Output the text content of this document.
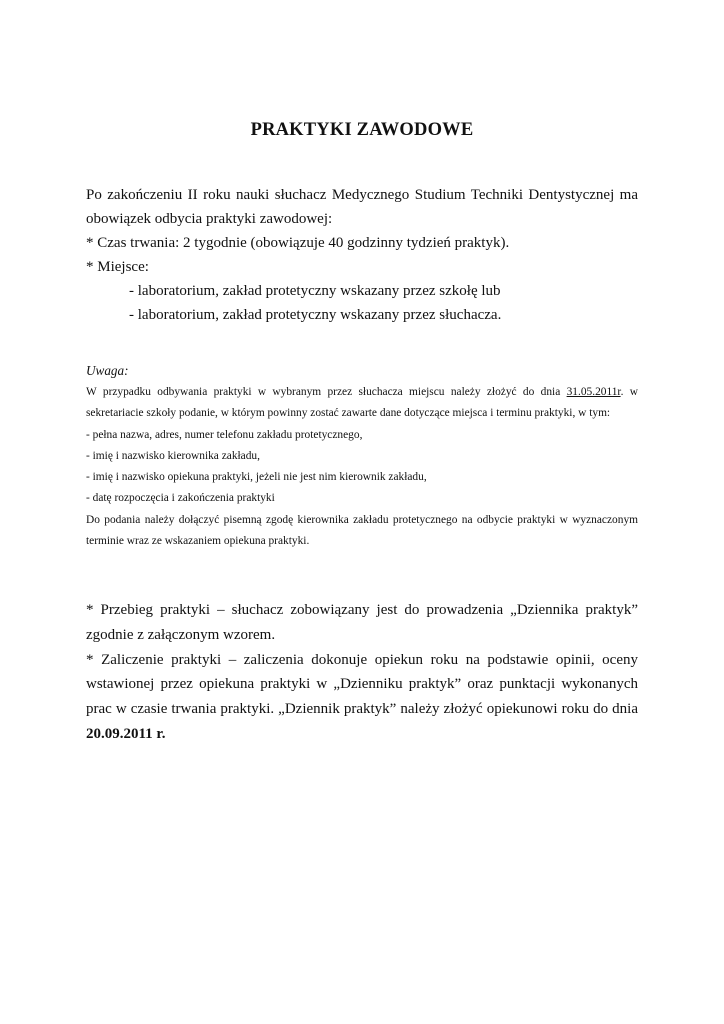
PRAKTYKI ZAWODOWE
Po zakończeniu II roku nauki słuchacz Medycznego Studium Techniki Dentystycznej ma obowiązek odbycia praktyki zawodowej:
* Czas trwania: 2 tygodnie (obowiązuje 40 godzinny tydzień praktyk).
* Miejsce:
- laboratorium, zakład protetyczny wskazany przez szkołę lub
- laboratorium, zakład protetyczny wskazany przez słuchacza.
Uwaga:
W przypadku odbywania praktyki w wybranym przez słuchacza miejscu należy złożyć do dnia 31.05.2011r. w sekretariacie szkoły podanie, w którym powinny zostać zawarte dane dotyczące miejsca i terminu praktyki, w tym:
- pełna nazwa, adres, numer telefonu zakładu protetycznego,
- imię i nazwisko kierownika zakładu,
- imię i nazwisko opiekuna praktyki, jeżeli nie jest nim kierownik zakładu,
- datę rozpoczęcia i zakończenia praktyki
Do podania należy dołączyć pisemną zgodę kierownika zakładu protetycznego na odbycie praktyki w wyznaczonym terminie wraz ze wskazaniem opiekuna praktyki.
* Przebieg praktyki – słuchacz zobowiązany jest do prowadzenia „Dziennika praktyk” zgodnie z załączonym wzorem.
* Zaliczenie praktyki – zaliczenia dokonuje opiekun roku na podstawie opinii, oceny wstawionej przez opiekuna praktyki w „Dzienniku praktyk” oraz punktacji wykonanych prac w czasie trwania praktyki. „Dziennik praktyk” należy złożyć opiekunowi roku do dnia 20.09.2011 r.
